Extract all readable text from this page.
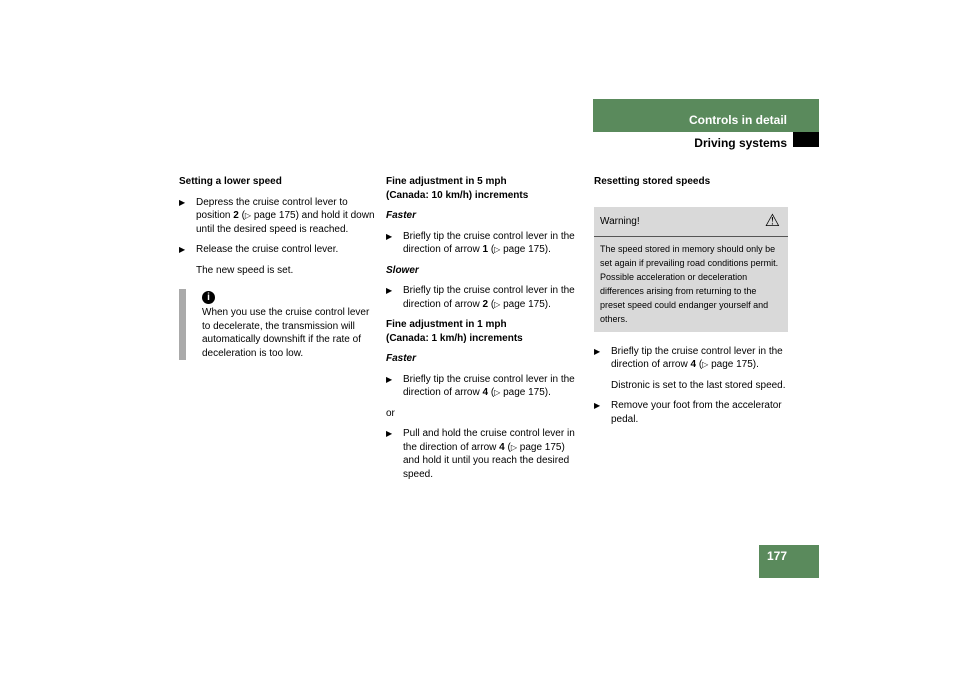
Controls in detail
Driving systems
Setting a lower speed
▶ Depress the cruise control lever to position 2 (▷ page 175) and hold it down until the desired speed is reached.
▶ Release the cruise control lever.
The new speed is set.
i
When you use the cruise control lever to decelerate, the transmission will automatically downshift if the rate of deceleration is too low.
Fine adjustment in 5 mph
(Canada: 10 km/h) increments
Faster
▶ Briefly tip the cruise control lever in the direction of arrow 1 (▷ page 175).
Slower
▶ Briefly tip the cruise control lever in the direction of arrow 2 (▷ page 175).
Fine adjustment in 1 mph
(Canada: 1 km/h) increments
Faster
▶ Briefly tip the cruise control lever in the direction of arrow 4 (▷ page 175).
or
▶ Pull and hold the cruise control lever in the direction of arrow 4 (▷ page 175) and hold it until you reach the desired speed.
Resetting stored speeds
Warning!	⚠
The speed stored in memory should only be set again if prevailing road conditions permit. Possible acceleration or deceleration differences arising from returning to the preset speed could endanger yourself and others.
▶ Briefly tip the cruise control lever in the direction of arrow 4 (▷ page 175).
Distronic is set to the last stored speed.
▶ Remove your foot from the accelerator pedal.
177
